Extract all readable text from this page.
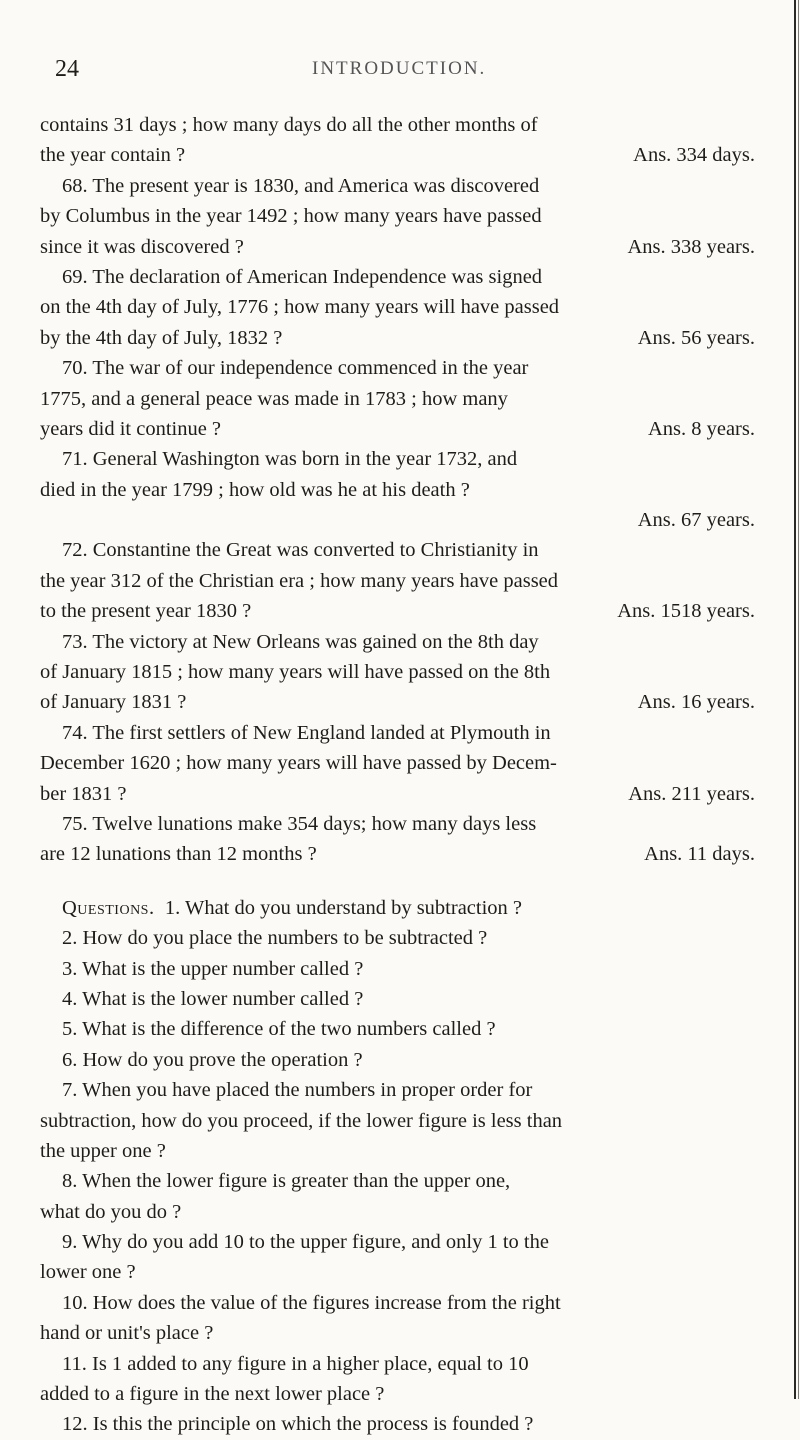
24	INTRODUCTION.
contains 31 days ; how many days do all the other months of
the year contain ?	Ans. 334 days.
68. The present year is 1830, and America was discovered
by Columbus in the year 1492 ; how many years have passed
since it was discovered ?	Ans. 338 years.
69. The declaration of American Independence was signed
on the 4th day of July, 1776 ; how many years will have passed
by the 4th day of July, 1832 ?	Ans. 56 years.
70. The war of our independence commenced in the year
1775, and a general peace was made in 1783 ; how many
years did it continue ?	Ans. 8 years.
71. General Washington was born in the year 1732, and
died in the year 1799 ; how old was he at his death ?
Ans. 67 years.
72. Constantine the Great was converted to Christianity in
the year 312 of the Christian era ; how many years have passed
to the present year 1830 ?	Ans. 1518 years.
73. The victory at New Orleans was gained on the 8th day
of January 1815 ; how many years will have passed on the 8th
of January 1831 ?	Ans. 16 years.
74. The first settlers of New England landed at Plymouth in
December 1620 ; how many years will have passed by Decem-
ber 1831 ?	Ans. 211 years.
75. Twelve lunations make 354 days; how many days less
are 12 lunations than 12 months ?	Ans. 11 days.
Questions. 1. What do you understand by subtraction ?
2. How do you place the numbers to be subtracted ?
3. What is the upper number called ?
4. What is the lower number called ?
5. What is the difference of the two numbers called ?
6. How do you prove the operation ?
7. When you have placed the numbers in proper order for
subtraction, how do you proceed, if the lower figure is less than
the upper one ?
8. When the lower figure is greater than the upper one,
what do you do ?
9. Why do you add 10 to the upper figure, and only 1 to the
lower one ?
10. How does the value of the figures increase from the right
hand or unit's place ?
11. Is 1 added to any figure in a higher place, equal to 10
added to a figure in the next lower place ?
12. Is this the principle on which the process is founded ?
